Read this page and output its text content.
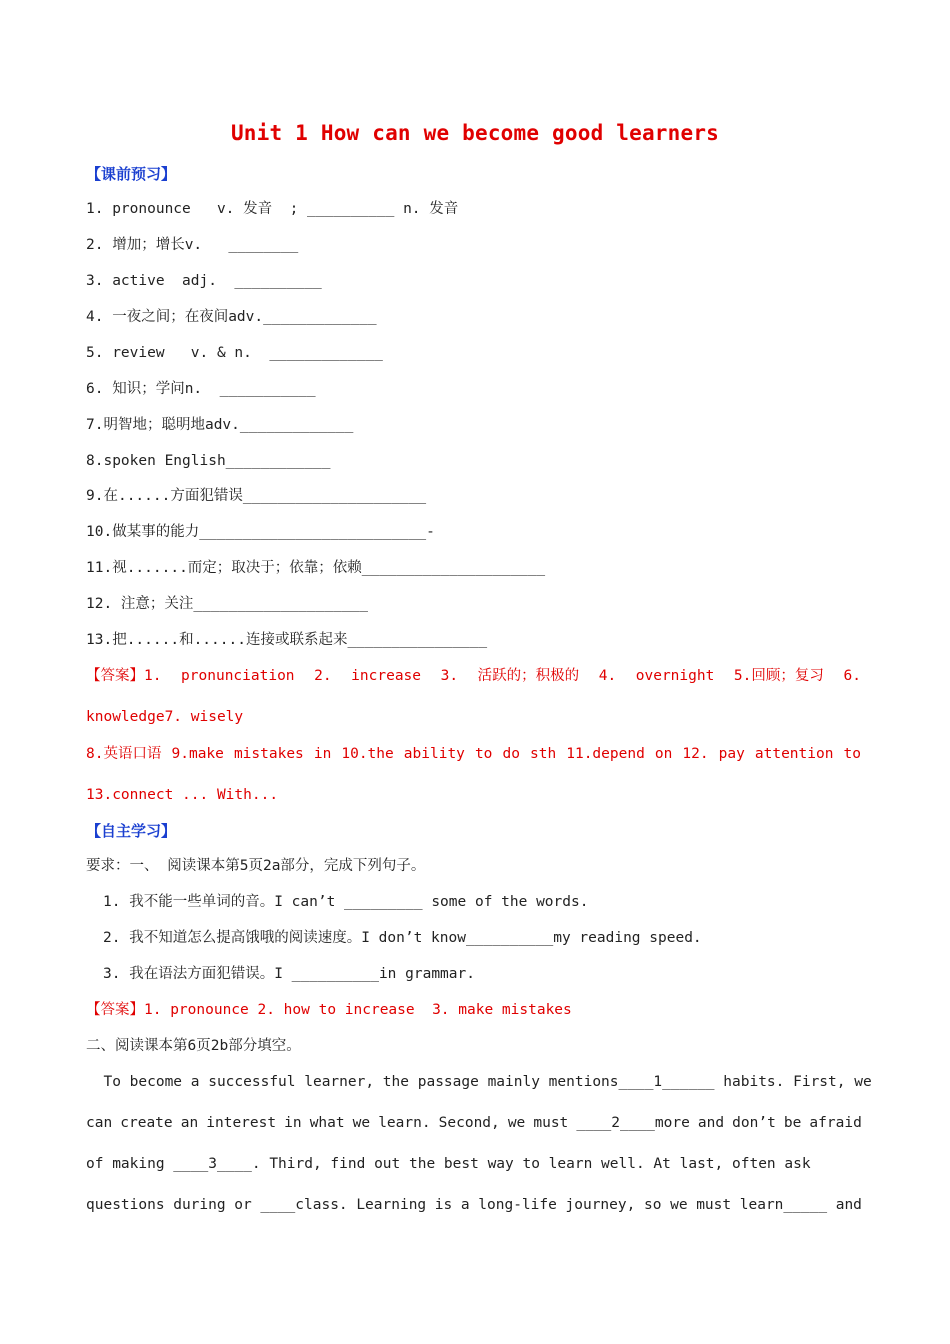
Unit 1 How can we become good learners
【课前预习】
1. pronounce   v. 发音  ; __________ n. 发音
2. 增加；增长v.   ________
3. active  adj.  __________
4. 一夜之间；在夜间adv._____________
5. review   v. & n.  _____________
6. 知识；学问n.  ___________
7.明智地；聪明地adv._____________
8.spoken English____________
9.在......方面犯错误_____________________
10.做某事的能力__________________________-
11.视.......而定；取决于；依靠；依赖_____________________
12. 注意；关注____________________
13.把......和......连接或联系起来________________
【答案】1. pronunciation 2. increase 3. 活跃的；积极的 4. overnight 5.回顾；复习 6.
knowledge7. wisely
8.英语口语 9.make mistakes in 10.the ability to do sth 11.depend on 12. pay attention to
13.connect ... With...
【自主学习】
要求：一、 阅读课本第5页2a部分，完成下列句子。
1. 我不能一些单词的音。I can’t _________ some of the words.
2. 我不知道怎么提高饿哦的阅读速度。I don’t know__________my reading speed.
3. 我在语法方面犯错误。I __________in grammar.
【答案】1. pronounce 2. how to increase  3. make mistakes
二、阅读课本第6页2b部分填空。
To become a successful learner, the passage mainly mentions____1______ habits. First, we
can create an interest in what we learn. Second, we must ____2____more and don’t be afraid
of making ____3____. Third, find out the best way to learn well. At last, often ask
questions during or ____class. Learning is a long-life journey, so we must learn_____ and
